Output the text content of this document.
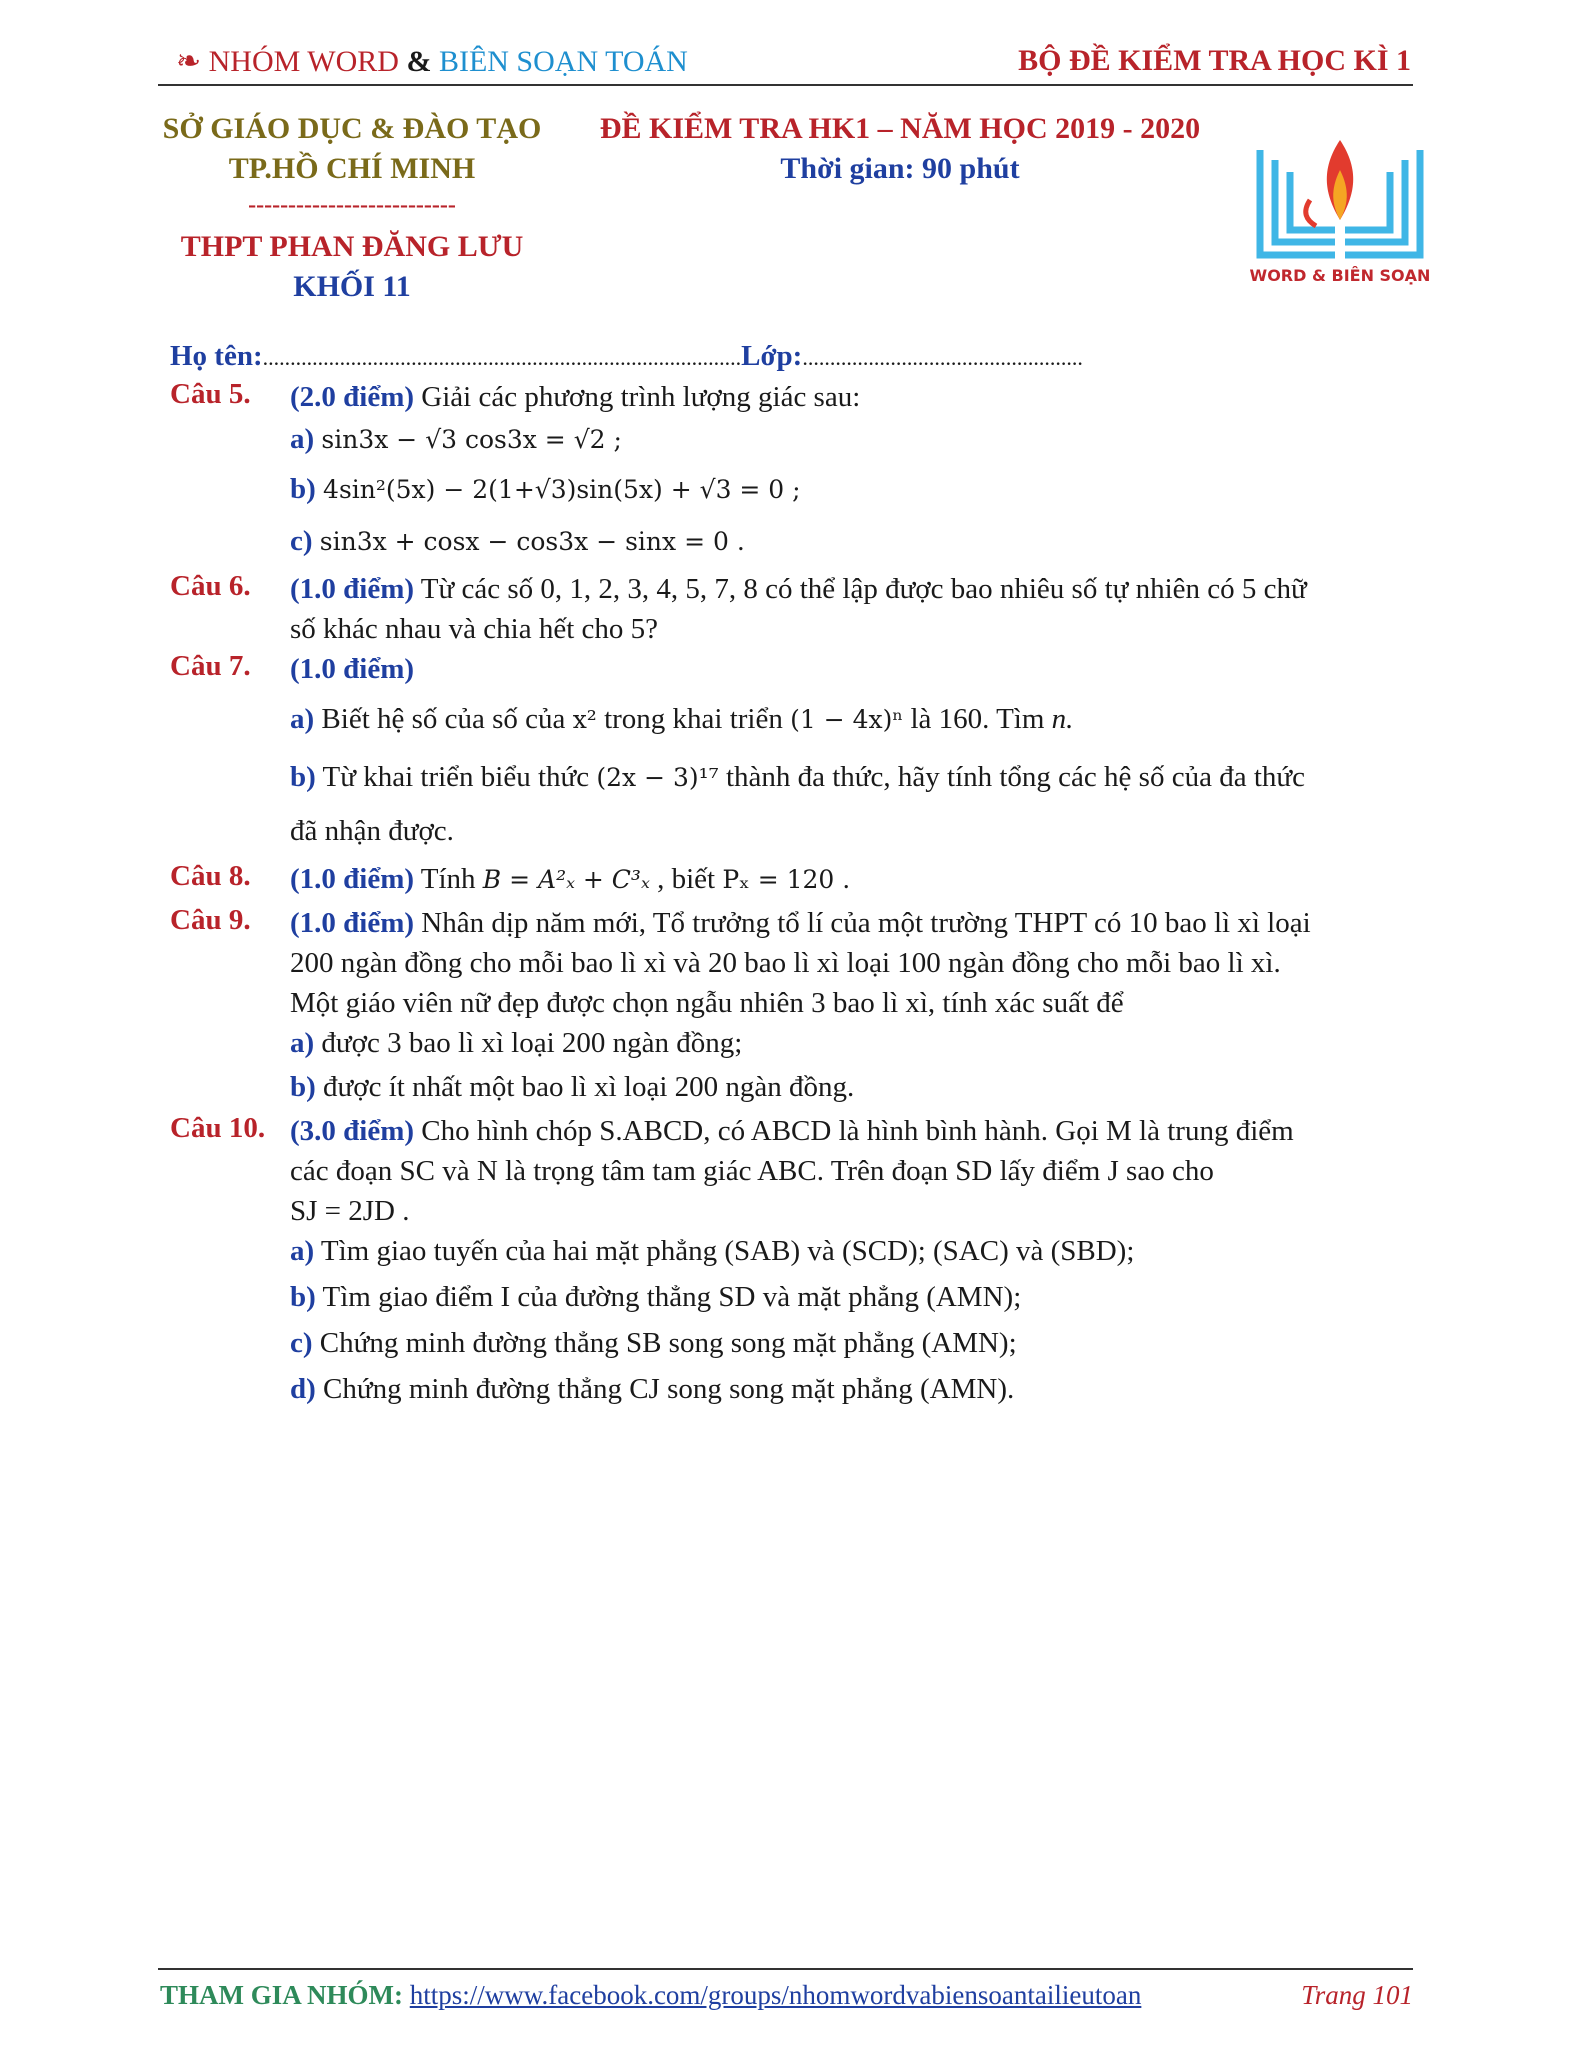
❧ NHÓM WORD & BIÊN SOẠN TOÁN	BỘ ĐỀ KIỂM TRA HỌC KÌ 1
SỞ GIÁO DỤC & ĐÀO TẠO
TP.HỒ CHÍ MINH
--------------------------
THPT PHAN ĐĂNG LƯU
KHỐI 11
ĐỀ KIỂM TRA HK1 – NĂM HỌC 2019 - 2020
Thời gian: 90 phút
WORD & BIÊN SOẠN
Họ tên:.......................................................................................Lớp:...................................................
Câu 5. (2.0 điểm) Giải các phương trình lượng giác sau:
a) sin3x − √3 cos3x = √2 ;
b) 4sin²(5x) − 2(1+√3)sin(5x) + √3 = 0 ;
c) sin3x + cosx − cos3x − sinx = 0 .
Câu 6. (1.0 điểm) Từ các số 0, 1, 2, 3, 4, 5, 7, 8 có thể lập được bao nhiêu số tự nhiên có 5 chữ
số khác nhau và chia hết cho 5?
Câu 7. (1.0 điểm)
a) Biết hệ số của số của x² trong khai triển (1 − 4x)ⁿ là 160. Tìm n.
b) Từ khai triển biểu thức (2x − 3)¹⁷ thành đa thức, hãy tính tổng các hệ số của đa thức
đã nhận được.
Câu 8. (1.0 điểm) Tính B = A²ₓ + C³ₓ , biết Pₓ = 120 .
Câu 9. (1.0 điểm) Nhân dịp năm mới, Tổ trưởng tổ lí của một trường THPT có 10 bao lì xì loại
200 ngàn đồng cho mỗi bao lì xì và 20 bao lì xì loại 100 ngàn đồng cho mỗi bao lì xì.
Một giáo viên nữ đẹp được chọn ngẫu nhiên 3 bao lì xì, tính xác suất để
a) được 3 bao lì xì loại 200 ngàn đồng;
b) được ít nhất một bao lì xì loại 200 ngàn đồng.
Câu 10. (3.0 điểm) Cho hình chóp S.ABCD, có ABCD là hình bình hành. Gọi M là trung điểm
các đoạn SC và N là trọng tâm tam giác ABC. Trên đoạn SD lấy điểm J sao cho
SJ = 2JD .
a) Tìm giao tuyến của hai mặt phẳng (SAB) và (SCD); (SAC) và (SBD);
b) Tìm giao điểm I của đường thẳng SD và mặt phẳng (AMN);
c) Chứng minh đường thẳng SB song song mặt phẳng (AMN);
d) Chứng minh đường thẳng CJ song song mặt phẳng (AMN).
THAM GIA NHÓM: https://www.facebook.com/groups/nhomwordvabiensoantailieutoan	Trang 101
